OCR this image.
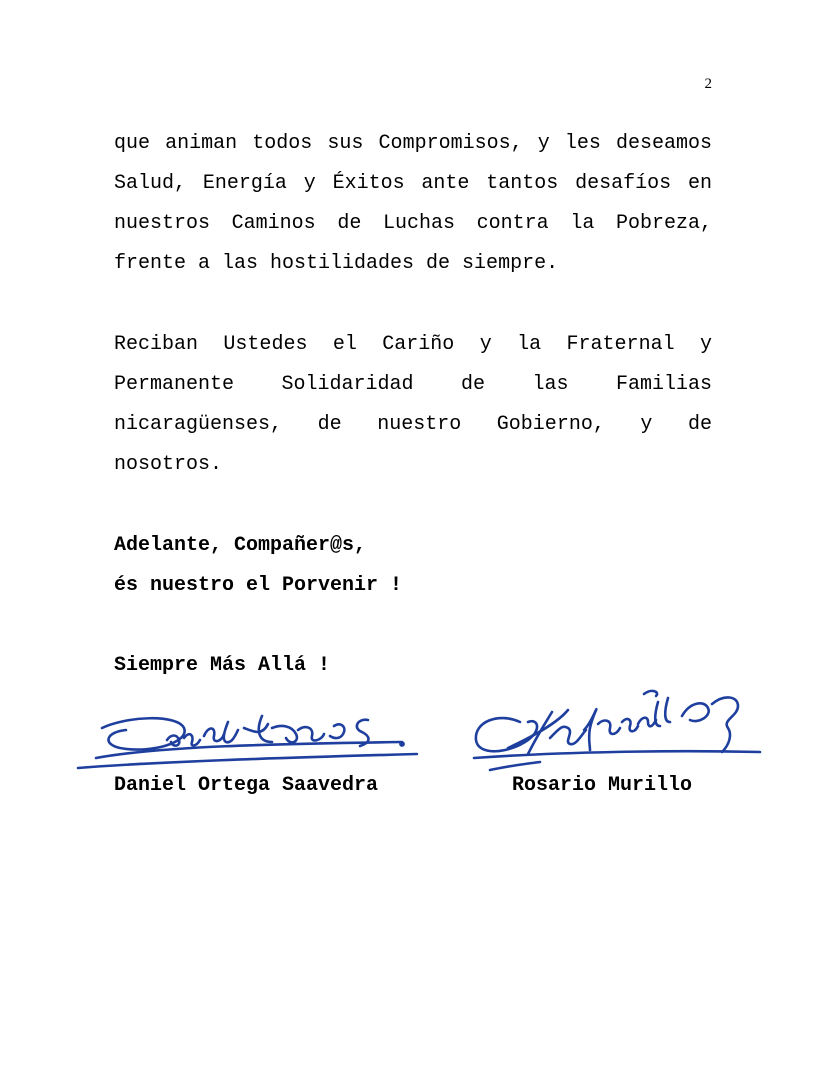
2

que animan todos sus Compromisos, y les deseamos Salud, Energía y Éxitos ante tantos desafíos en nuestros Caminos de Luchas contra la Pobreza, frente a las hostilidades de siempre.

Reciban Ustedes el Cariño y la Fraternal y Permanente Solidaridad de las Familias nicaragüenses, de nuestro Gobierno, y de nosotros.

Adelante, Compañer@s,

és nuestro el Porvenir !

Siempre Más Allá !

Daniel Ortega Saavedra	Rosario Murillo
